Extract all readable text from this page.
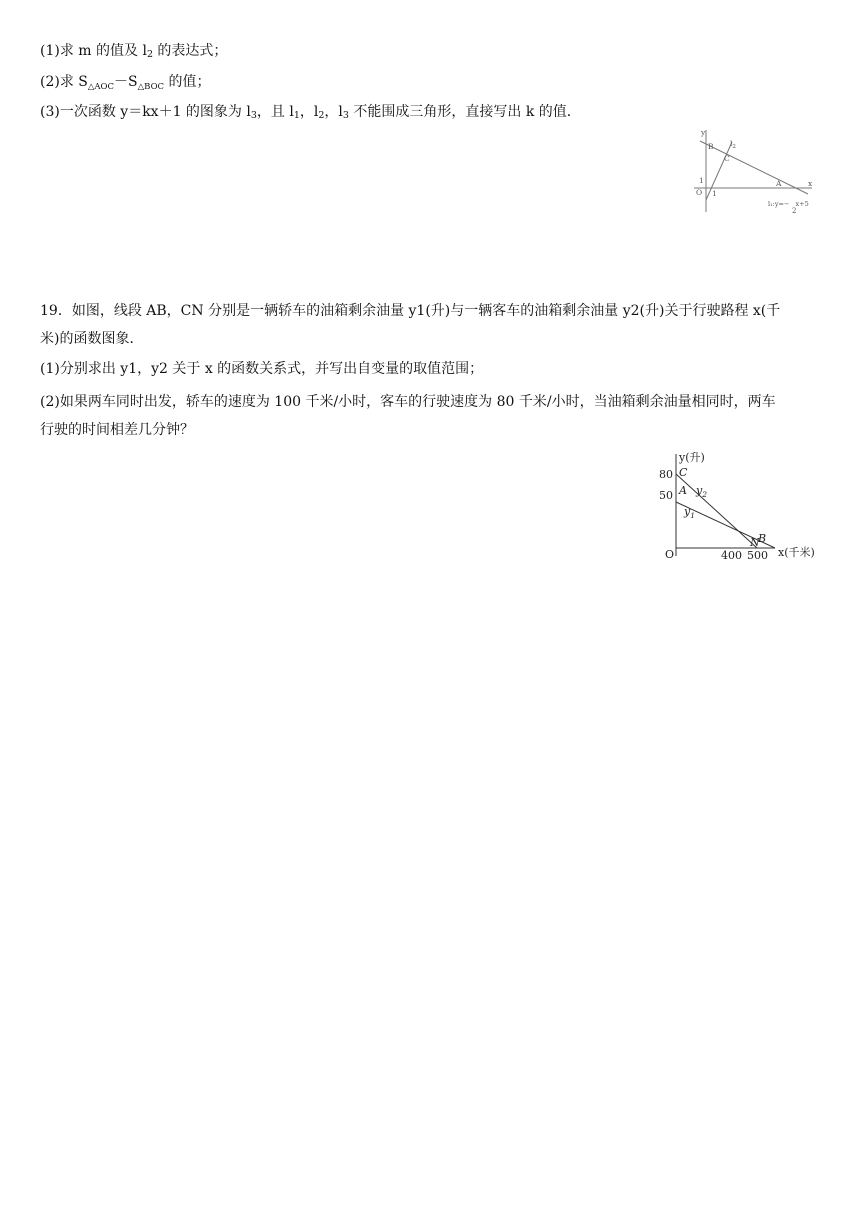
(1)求 m 的值及 $l_2$ 的表达式；
(2)求 $S_{\triangle AOC}-S_{\triangle BOC}$ 的值；
(3)一次函数 y＝kx＋1 的图象为 $l_3$，且 $l_1$，$l_2$，$l_3$ 不能围成三角形，直接写出 k 的值．
y
x
O 1
1
B
C
A
$l_2$
l₁:y=− x+5
2
19．如图，线段 AB，CN 分别是一辆轿车的油箱剩余油量 y1(升)与一辆客车的油箱剩余油量 y2(升)关于行驶路程 x(千
米)的函数图象．
(1)分别求出 y1，y2 关于 x 的函数关系式，并写出自变量的取值范围；
(2)如果两车同时出发，轿车的速度为 100 千米/小时，客车的行驶速度为 80 千米/小时，当油箱剩余油量相同时，两车
行驶的时间相差几分钟？
y(升)
x(千米)
O
80
50
C
A
N
B
400 500
$y_2$
$y_1$
